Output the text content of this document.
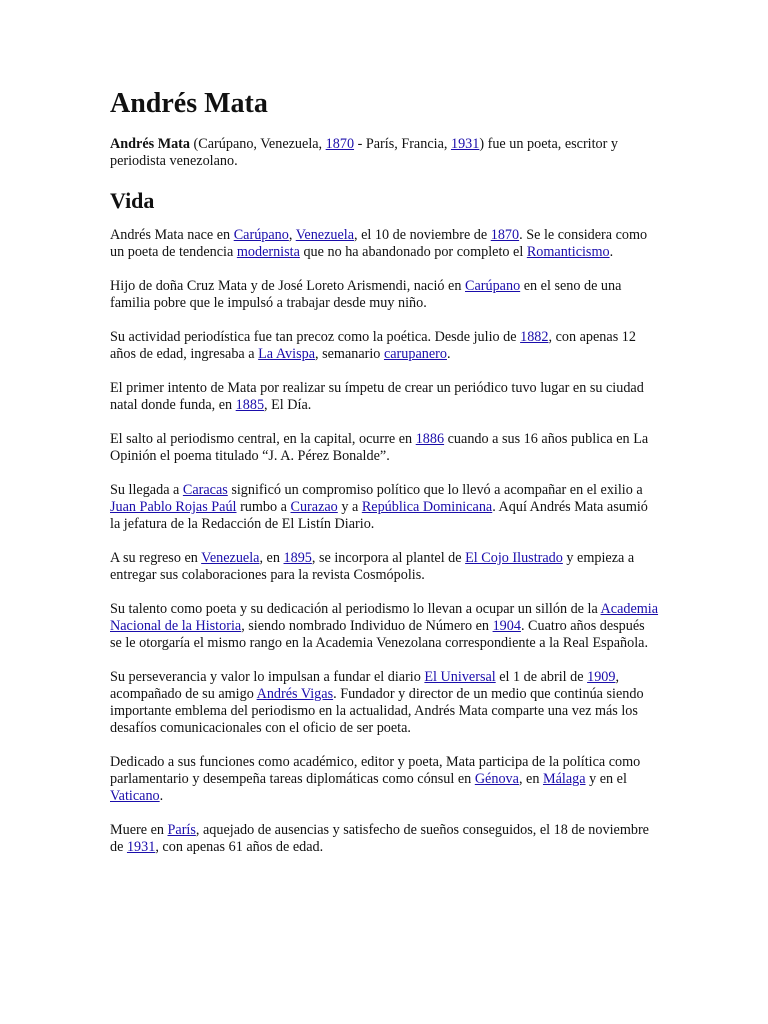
Andrés Mata

Andrés Mata (Carúpano, Venezuela, 1870 - París, Francia, 1931) fue un poeta, escritor y periodista venezolano.

Vida

Andrés Mata nace en Carúpano, Venezuela, el 10 de noviembre de 1870. Se le considera como un poeta de tendencia modernista que no ha abandonado por completo el Romanticismo.

Hijo de doña Cruz Mata y de José Loreto Arismendi, nació en Carúpano en el seno de una familia pobre que le impulsó a trabajar desde muy niño.

Su actividad periodística fue tan precoz como la poética. Desde julio de 1882, con apenas 12 años de edad, ingresaba a La Avispa, semanario carupanero.

El primer intento de Mata por realizar su ímpetu de crear un periódico tuvo lugar en su ciudad natal donde funda, en 1885, El Día.

El salto al periodismo central, en la capital, ocurre en 1886 cuando a sus 16 años publica en La Opinión el poema titulado “J. A. Pérez Bonalde”.

Su llegada a Caracas significó un compromiso político que lo llevó a acompañar en el exilio a Juan Pablo Rojas Paúl rumbo a Curazao y a República Dominicana. Aquí Andrés Mata asumió la jefatura de la Redacción de El Listín Diario.

A su regreso en Venezuela, en 1895, se incorpora al plantel de El Cojo Ilustrado y empieza a entregar sus colaboraciones para la revista Cosmópolis.

Su talento como poeta y su dedicación al periodismo lo llevan a ocupar un sillón de la Academia Nacional de la Historia, siendo nombrado Individuo de Número en 1904. Cuatro años después se le otorgaría el mismo rango en la Academia Venezolana correspondiente a la Real Española.

Su perseverancia y valor lo impulsan a fundar el diario El Universal el 1 de abril de 1909, acompañado de su amigo Andrés Vigas. Fundador y director de un medio que continúa siendo importante emblema del periodismo en la actualidad, Andrés Mata comparte una vez más los desafíos comunicacionales con el oficio de ser poeta.

Dedicado a sus funciones como académico, editor y poeta, Mata participa de la política como parlamentario y desempeña tareas diplomáticas como cónsul en Génova, en Málaga y en el Vaticano.

Muere en París, aquejado de ausencias y satisfecho de sueños conseguidos, el 18 de noviembre de 1931, con apenas 61 años de edad.
